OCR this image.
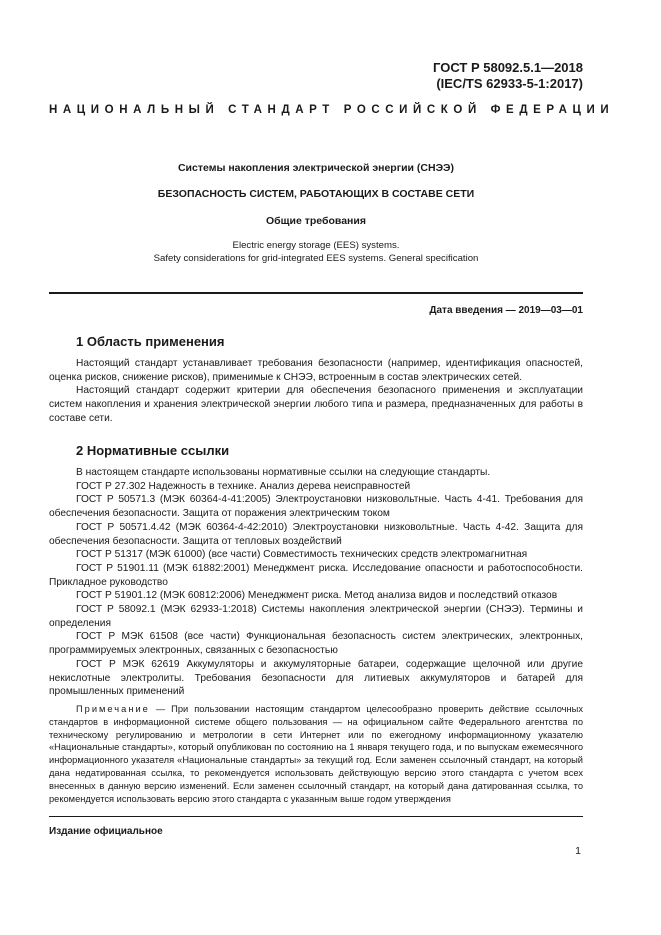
ГОСТ Р 58092.5.1—2018
(IEC/TS 62933-5-1:2017)
НАЦИОНАЛЬНЫЙ СТАНДАРТ РОССИЙСКОЙ ФЕДЕРАЦИИ
Системы накопления электрической энергии (СНЭЭ)
БЕЗОПАСНОСТЬ СИСТЕМ, РАБОТАЮЩИХ В СОСТАВЕ СЕТИ
Общие требования
Electric energy storage (EES) systems.
Safety considerations for grid-integrated EES systems. General specification
Дата введения — 2019—03—01
1 Область применения

Настоящий стандарт устанавливает требования безопасности (например, идентификация опасностей, оценка рисков, снижение рисков), применимые к СНЭЭ, встроенным в состав электрических сетей.

Настоящий стандарт содержит критерии для обеспечения безопасного применения и эксплуатации систем накопления и хранения электрической энергии любого типа и размера, предназначенных для работы в составе сети.

2 Нормативные ссылки

В настоящем стандарте использованы нормативные ссылки на следующие стандарты.

ГОСТ Р 27.302 Надежность в технике. Анализ дерева неисправностей

ГОСТ Р 50571.3 (МЭК 60364-4-41:2005) Электроустановки низковольтные. Часть 4-41. Требования для обеспечения безопасности. Защита от поражения электрическим током

ГОСТ Р 50571.4.42 (МЭК 60364-4-42:2010) Электроустановки низковольтные. Часть 4-42. Защита для обеспечения безопасности. Защита от тепловых воздействий

ГОСТ Р 51317 (МЭК 61000) (все части) Совместимость технических средств электромагнитная

ГОСТ Р 51901.11 (МЭК 61882:2001) Менеджмент риска. Исследование опасности и работоспособности. Прикладное руководство

ГОСТ Р 51901.12 (МЭК 60812:2006) Менеджмент риска. Метод анализа видов и последствий отказов

ГОСТ Р 58092.1 (МЭК 62933-1:2018) Системы накопления электрической энергии (СНЭЭ). Термины и определения

ГОСТ Р МЭК 61508 (все части) Функциональная безопасность систем электрических, электронных, программируемых электронных, связанных с безопасностью

ГОСТ Р МЭК 62619 Аккумуляторы и аккумуляторные батареи, содержащие щелочной или другие некислотные электролиты. Требования безопасности для литиевых аккумуляторов и батарей для промышленных применений

Примечание — При пользовании настоящим стандартом целесообразно проверить действие ссылочных стандартов в информационной системе общего пользования — на официальном сайте Федерального агентства по техническому регулированию и метрологии в сети Интернет или по ежегодному информационному указателю «Национальные стандарты», который опубликован по состоянию на 1 января текущего года, и по выпускам ежемесячного информационного указателя «Национальные стандарты» за текущий год. Если заменен ссылочный стандарт, на который дана недатированная ссылка, то рекомендуется использовать действующую версию этого стандарта с учетом всех внесенных в данную версию изменений. Если заменен ссылочный стандарт, на который дана датированная ссылка, то рекомендуется использовать версию этого стандарта с указанным выше годом утверждения

Издание официальное
1
